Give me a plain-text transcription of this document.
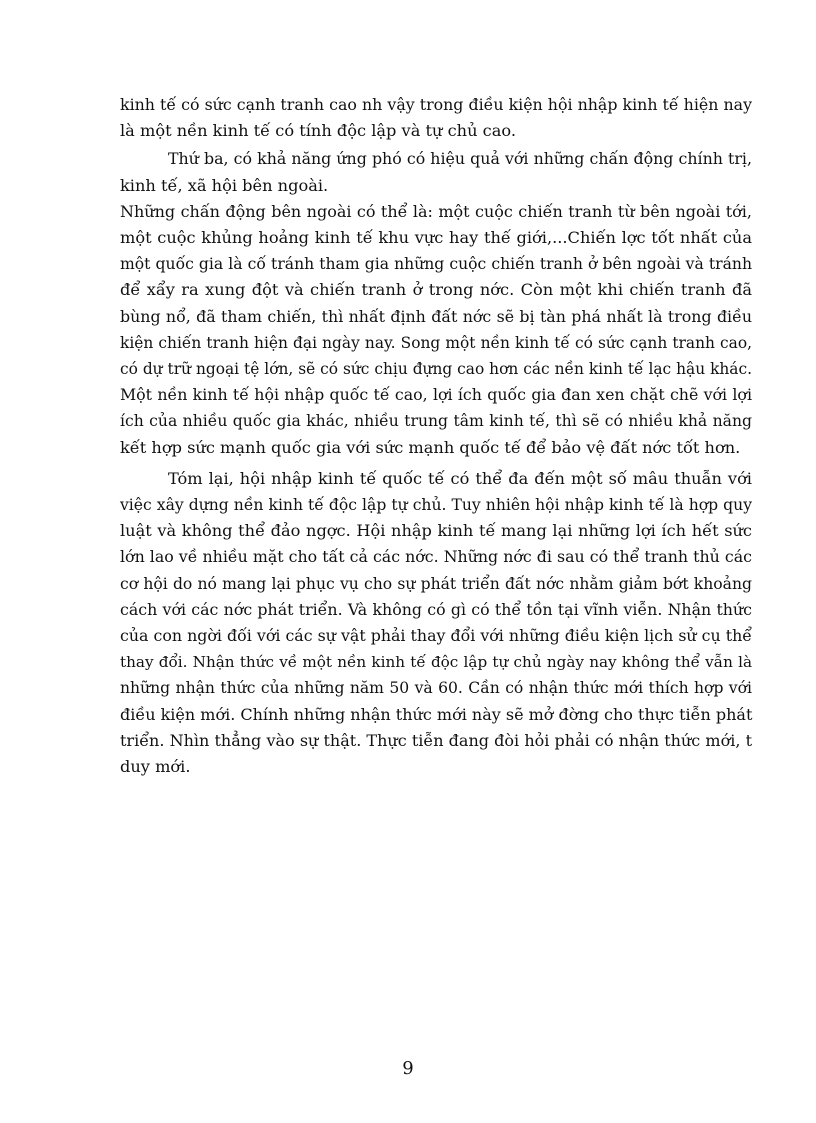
kinh tế có sức cạnh tranh cao nh vậy trong điều kiện hội nhập kinh tế hiện nay
là một nền kinh tế có tính độc lập và tự chủ cao.
Thứ ba, có khả năng ứng phó có hiệu quả với những chấn động chính trị,
kinh tế, xã hội bên ngoài.
Những chấn động bên ngoài có thể là: một cuộc chiến tranh từ bên ngoài tới,
một cuộc khủng hoảng kinh tế khu vực hay thế giới,...Chiến lợc tốt nhất của
một quốc gia là cố tránh tham gia những cuộc chiến tranh ở bên ngoài và tránh
để xẩy ra xung đột và chiến tranh ở trong nớc. Còn một khi chiến tranh đã
bùng nổ, đã tham chiến, thì nhất định đất nớc sẽ bị tàn phá nhất là trong điều
kiện chiến tranh hiện đại ngày nay. Song một nền kinh tế có sức cạnh tranh cao,
có dự trữ ngoại tệ lớn, sẽ có sức chịu đựng cao hơn các nền kinh tế lạc hậu khác.
Một nền kinh tế hội nhập quốc tế cao, lợi ích quốc gia đan xen chặt chẽ với lợi
ích của nhiều quốc gia khác, nhiều trung tâm kinh tế, thì sẽ có nhiều khả năng
kết hợp sức mạnh quốc gia với sức mạnh quốc tế để bảo vệ đất nớc tốt hơn.
Tóm lại, hội nhập kinh tế quốc tế có thể đa đến một số mâu thuẫn với
việc xây dựng nền kinh tế độc lập tự chủ. Tuy nhiên hội nhập kinh tế là hợp quy
luật và không thể đảo ngợc. Hội nhập kinh tế mang lại những lợi ích hết sức
lớn lao về nhiều mặt cho tất cả các nớc. Những nớc đi sau có thể tranh thủ các
cơ hội do nó mang lại phục vụ cho sự phát triển đất nớc nhằm giảm bớt khoảng
cách với các nớc phát triển. Và không có gì có thể tồn tại vĩnh viễn. Nhận thức
của con ngời đối với các sự vật phải thay đổi với những điều kiện lịch sử cụ thể
thay đổi. Nhận thức về một nền kinh tế độc lập tự chủ ngày nay không thể vẫn là
những nhận thức của những năm 50 và 60. Cần có nhận thức mới thích hợp với
điều kiện mới. Chính những nhận thức mới này sẽ mở đờng cho thực tiễn phát
triển. Nhìn thẳng vào sự thật. Thực tiễn đang đòi hỏi phải có nhận thức mới, t
duy mới.
9
